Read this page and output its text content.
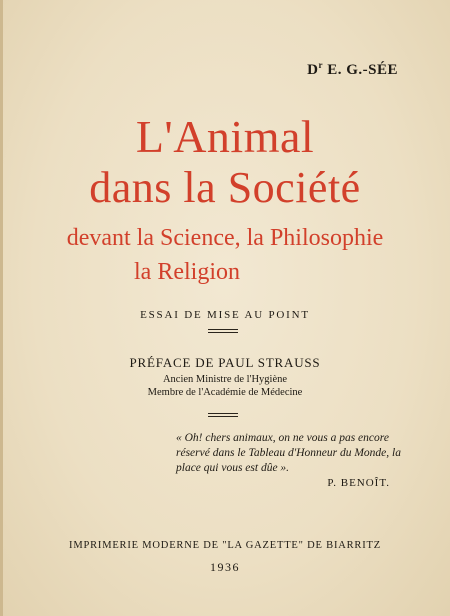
$D^r$ E. G.-SÉE
L'Animal
dans la Société
devant la Science, la Philosophie
la Religion
ESSAI DE MISE AU POINT
PRÉFACE DE PAUL STRAUSS
Ancien Ministre de l'Hygiène
Membre de l'Académie de Médecine
« Oh! chers animaux, on ne vous a pas encore réservé dans le Tableau d'Honneur du Monde, la place qui vous est dûe ».
P. BENOÎT.
IMPRIMERIE MODERNE DE "LA GAZETTE" DE BIARRITZ
1936
